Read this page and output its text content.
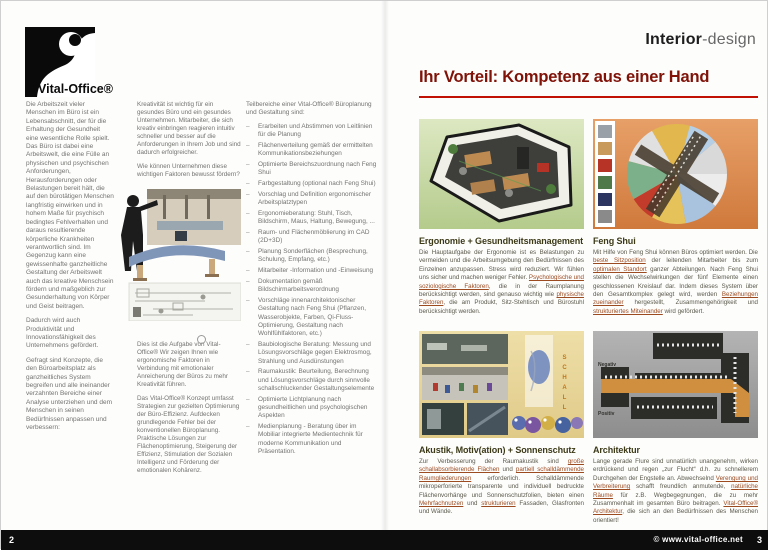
Vital-Office®
Interior-design

Die Arbeitszeit vieler Menschen im Büro ist ein Lebensabschnitt, der für die Erhaltung der Gesundheit eine wesentliche Rolle spielt. Das Büro ist dabei eine Arbeitswelt, die eine Fülle an physischen und psychischen Anforderungen, Herausforderungen oder Belastungen bereit hält, die auf den bürotätigen Menschen langfristig einwirken und in hohem Maße für psychisch bedingtes Fehlverhalten und daraus resultierende körperliche Krankheiten verantwortlich sind. Im Gegenzug kann eine gewissenhafte ganzheitliche Gestaltung der Arbeitswelt auch das kreative Menschsein fördern und maßgeblich zur Gesunderhaltung von Körper und Geist beitragen.

Dadurch wird auch Produktivität und Innovationsfähigkeit des Unternehmens gefördert.

Gefragt sind Konzepte, die den Büroarbeitsplatz als ganzheitliches System begreifen und alle ineinander verzahnten Bereiche einer Analyse unterziehen und dem Menschen in seinen Bedürfnissen anpassen und verbessern:

Kreativität ist wichtig für ein gesundes Büro und ein gesundes Unternehmen. Mitarbeiter, die sich kreativ einbringen reagieren intuitiv schneller und besser auf die Anforderungen in Ihrem Job und sind dadurch erfolgreicher.

Wie können Unternehmen diese wichtigen Faktoren bewusst fördern?

Dies ist die Aufgabe von Vital-Office® Wir zeigen Ihnen wie ergonomische Faktoren in Verbindung mit emotionaler Anreicherung der Büros zu mehr Kreativität führen.

Das Vital-Office® Konzept umfasst Strategien zur gezielten Optimierung der Büro-Effizienz. Aufdecken grundlegende Fehler bei der konventionellen Büroplanung. Praktische Lösungen zur Flächenoptimierung, Steigerung der Effizienz, Stimulation der Sozialen Intelligenz und Förderung der emotionalen Kohärenz.

Teilbereiche einer Vital-Office® Büroplanung und Gestaltung sind:

– Erarbeiten und Abstimmen von Leitlinien für die Planung
– Flächenverteilung gemäß der ermittelten Kommunikationsbeziehungen
– Optimierte Bereichszuordnung nach Feng Shui
– Farbgestaltung (optional nach Feng Shui)
– Vorschlag und Definition ergonomischer Arbeitsplatztypen
– Ergonomieberatung: Stuhl, Tisch, Bildschirm, Maus, Haltung, Bewegung, ...
– Raum- und Flächenmöblierung im CAD (2D+3D)
– Planung Sonderflächen (Besprechung, Schulung, Empfang, etc.)
– Mitarbeiter -Information und -Einweisung
– Dokumentation gemäß Bildschirmarbeitsverordnung
– Vorschläge innenarchitektonischer Gestaltung nach Feng Shui (Pflanzen, Wasserobjekte, Farben, Qi-Fluss-Optimierung, Gestaltung nach Wohlfühlfaktoren, etc.)
– Baubiologische Beratung: Messung und Lösungsvorschläge gegen Elektrosmog, Strahlung und Ausdünstungen
– Raumakustik: Beurteilung, Berechnung und Lösungsvorschläge durch sinnvolle schallschluckender Gestaltungselemente
– Optimierte Lichtplanung nach gesundheitlichen und psychologischen Aspekten
– Medienplanung - Beratung über im Mobiliar integrierte Medientechnik für moderne Kommunikation und Präsentation.
Ihr Vorteil: Kompetenz aus einer Hand
Ergonomie + Gesundheitsmanagement

Die Hauptaufgabe der Ergonomie ist es Belastungen zu vermeiden und die Arbeitsumgebung den Bedürfnissen des Einzelnen anzupassen. Stress wird reduziert. Wir fühlen uns sicher und machen weniger Fehler. Psychologische und soziologische Faktoren, die in der Raumplanung berücksichtigt werden, sind genauso wichtig wie physische Faktoren, die am Produkt, Sitz-Stehtisch und Bürostuhl berücksichtigt werden.

Feng Shui

Mit Hilfe von Feng Shui können Büros optimiert werden. Die beste Sitzposition der leitenden Mitarbeiter bis zum optimalen Standort ganzer Abteilungen. Nach Feng Shui stellen die Wechselwirkungen der fünf Elemente einen geschlossenen Kreislauf dar. Indem dieses System über den Gesamtkomplex gelegt wird, werden Beziehungen zueinander hergestellt, Zusammengehörigkeit und strukturiertes Miteinander wird gefördert.

SCHALL
Akustik, Motiv(ation) + Sonnenschutz

Zur Verbesserung der Raumakustik sind große schallabsorbierende Flächen und partiell schalldämmende Raumgliederungen erforderlich. Schalldämmende mikroperforierte transparente und individuell bedruckte Flächenvorhänge und Sonnenschutzfolien, bieten einen Mehrfachnutzen und strukturieren Fassaden, Glasfronten und Wände.

Negativ
Positiv
Architektur

Lange gerade Flure sind unnatürlich unangenehm, wirken erdrückend und regen „zur Flucht“ d.h. zu schnellerem Durchgehen der Engstelle an. Abwechselnd Verengung und Verbreiterung schafft freundlich anmutende, natürliche Räume für z.B. Wegbegegnungen, die zu mehr Zusammenhalt im gesamten Büro beitragen. Vital-Office® Architektur, die sich an den Bedürfnissen des Menschen orientiert!

2	© www.vital-office.net 3
